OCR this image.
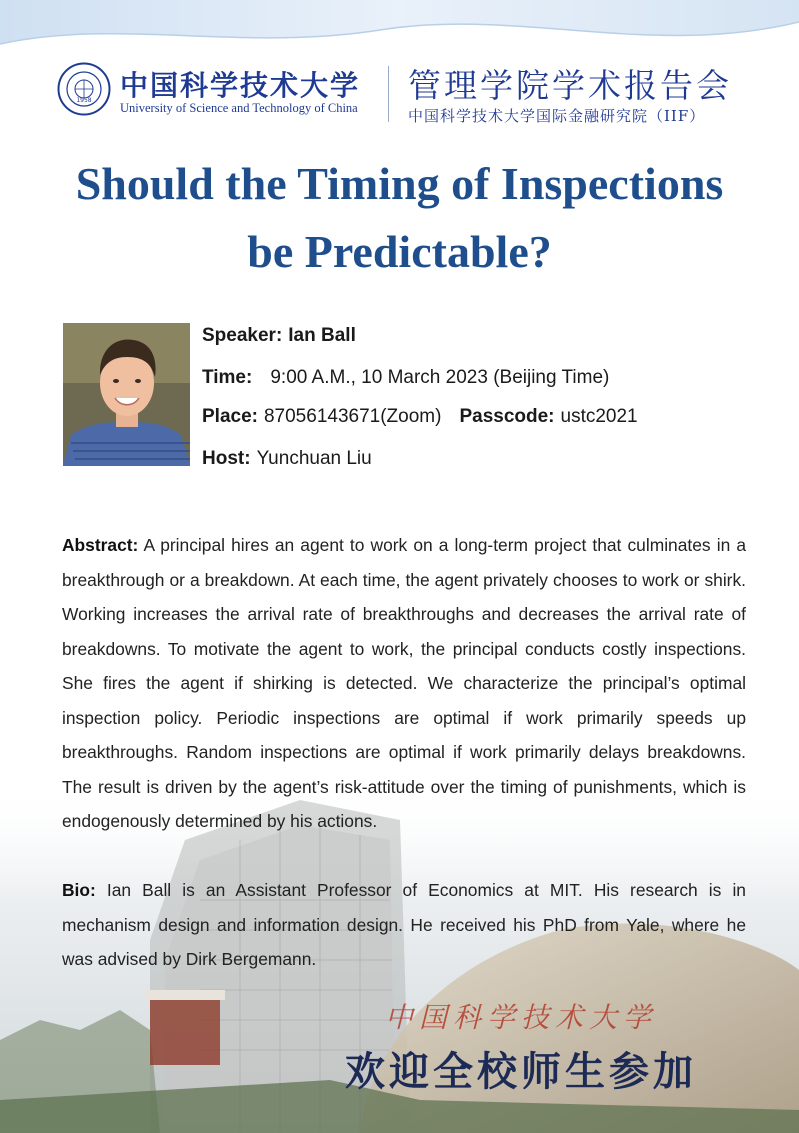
1958 中国科学技术大学
University of Science and Technology of China
管理学院学术报告会
中国科学技术大学国际金融研究院（IIF）
Should the Timing of Inspections
be Predictable?
Speaker: Ian Ball
Time: 9:00 A.M., 10 March 2023 (Beijing Time)
Place: 87056143671(Zoom) Passcode: ustc2021
Host: Yunchuan Liu
Abstract: A principal hires an agent to work on a long-term project that culminates in a breakthrough or a breakdown. At each time, the agent privately chooses to work or shirk. Working increases the arrival rate of breakthroughs and decreases the arrival rate of breakdowns. To motivate the agent to work, the principal conducts costly inspections. She fires the agent if shirking is detected. We characterize the principal’s optimal inspection policy. Periodic inspections are optimal if work primarily speeds up breakthroughs. Random inspections are optimal if work primarily delays breakdowns. The result is driven by the agent’s risk-attitude over the timing of punishments, which is endogenously determined by his actions.
Bio: Ian Ball is an Assistant Professor of Economics at MIT. His research is in mechanism design and information design. He received his PhD from Yale, where he was advised by Dirk Bergemann.
中国科学技术大学
欢迎全校师生参加
